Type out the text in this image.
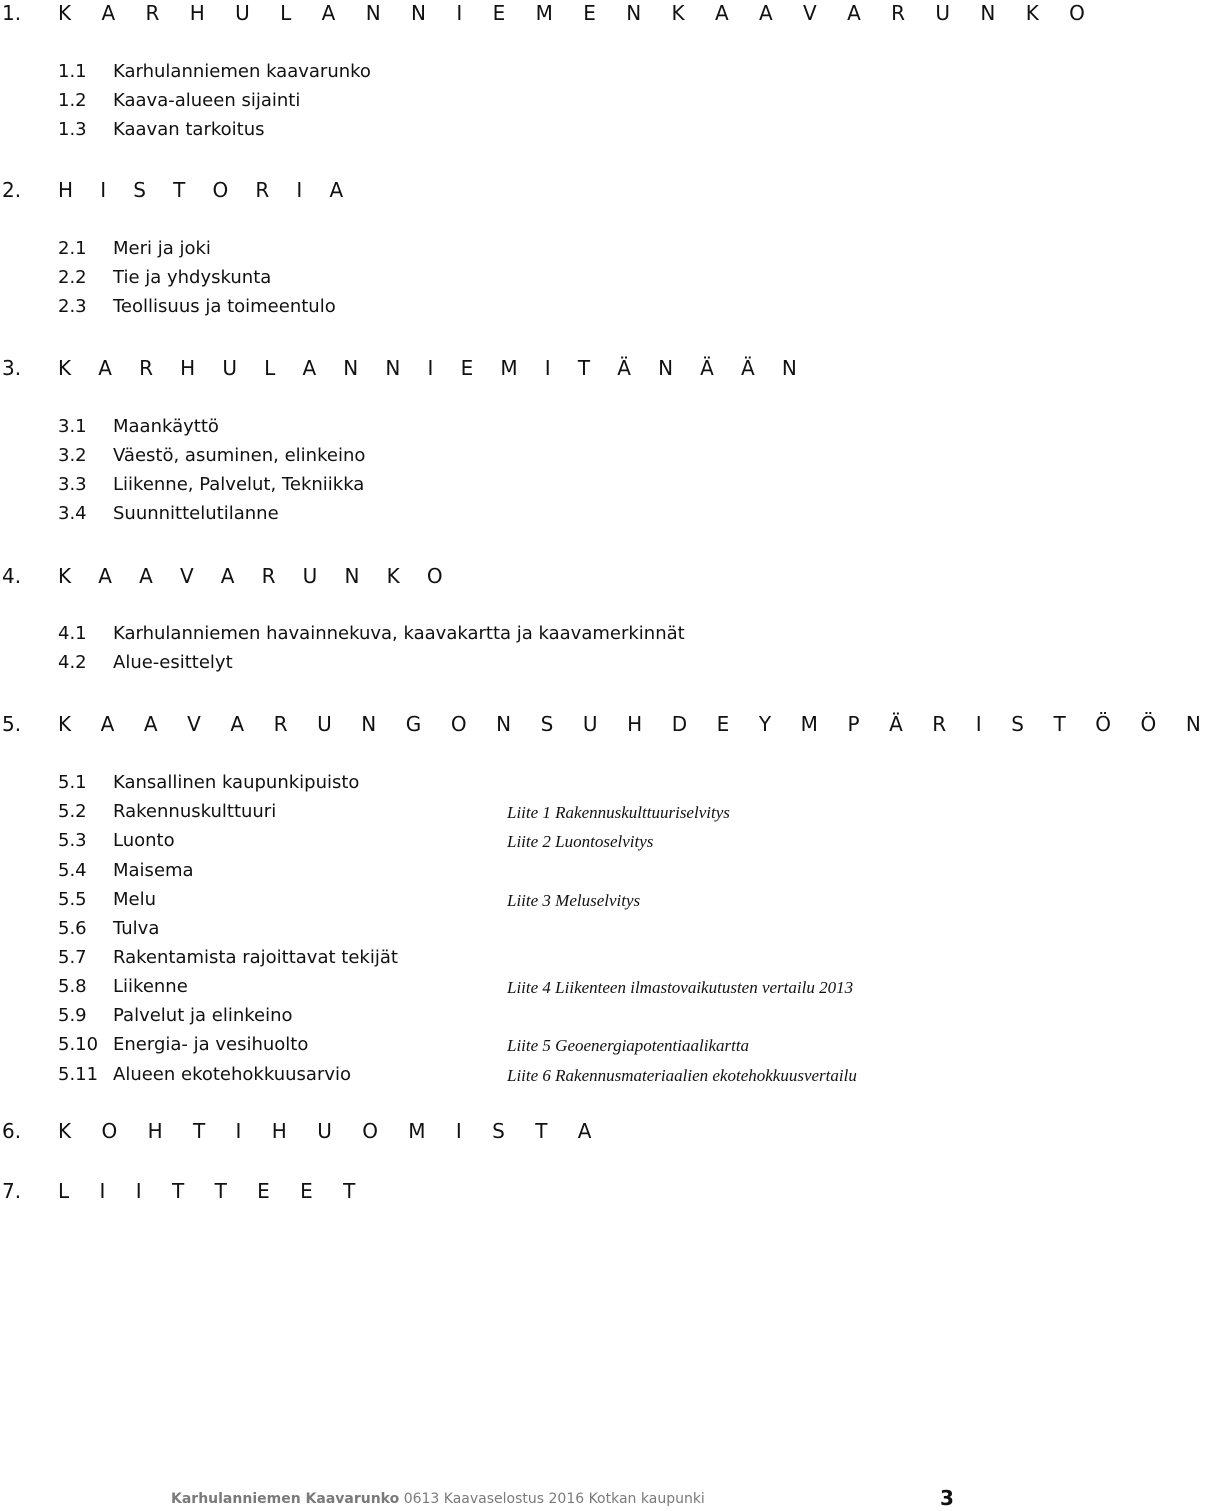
1. K A R H U L A N N I E M E N K A A V A R U N K O
1.1 Karhulanniemen kaavarunko
1.2 Kaava-alueen sijainti
1.3 Kaavan tarkoitus
2. H I S T O R I A
2.1 Meri ja joki
2.2 Tie ja yhdyskunta
2.3 Teollisuus ja toimeentulo
3. K A R H U L A N N I E M I T Ä N Ä Ä N
3.1 Maankäyttö
3.2 Väestö, asuminen, elinkeino
3.3 Liikenne, Palvelut, Tekniikka
3.4 Suunnittelutilanne
4. K A A V A R U N K O
4.1 Karhulanniemen havainnekuva, kaavakartta ja kaavamerkinnät
4.2 Alue-esittelyt
5. K A A V A R U N G O N S U H D E Y M P Ä R I S T Ö Ö N
5.1 Kansallinen kaupunkipuisto
5.2 Rakennuskulttuuri	Liite 1 Rakennuskulttuuriselvitys
5.3 Luonto	Liite 2 Luontoselvitys
5.4 Maisema
5.5 Melu	Liite 3 Meluselvitys
5.6 Tulva
5.7 Rakentamista rajoittavat tekijät
5.8 Liikenne	Liite 4 Liikenteen ilmastovaikutusten vertailu 2013
5.9 Palvelut ja elinkeino
5.10 Energia- ja vesihuolto	Liite 5 Geoenergiapotentiaalikartta
5.11 Alueen ekotehokkuusarvio	Liite 6 Rakennusmateriaalien ekotehokkuusvertailu
6. K O H T I H U O M I S T A
7. L I I T T E E T
Karhulanniemen Kaavarunko 0613 Kaavaselostus 2016 Kotkan kaupunki	3
